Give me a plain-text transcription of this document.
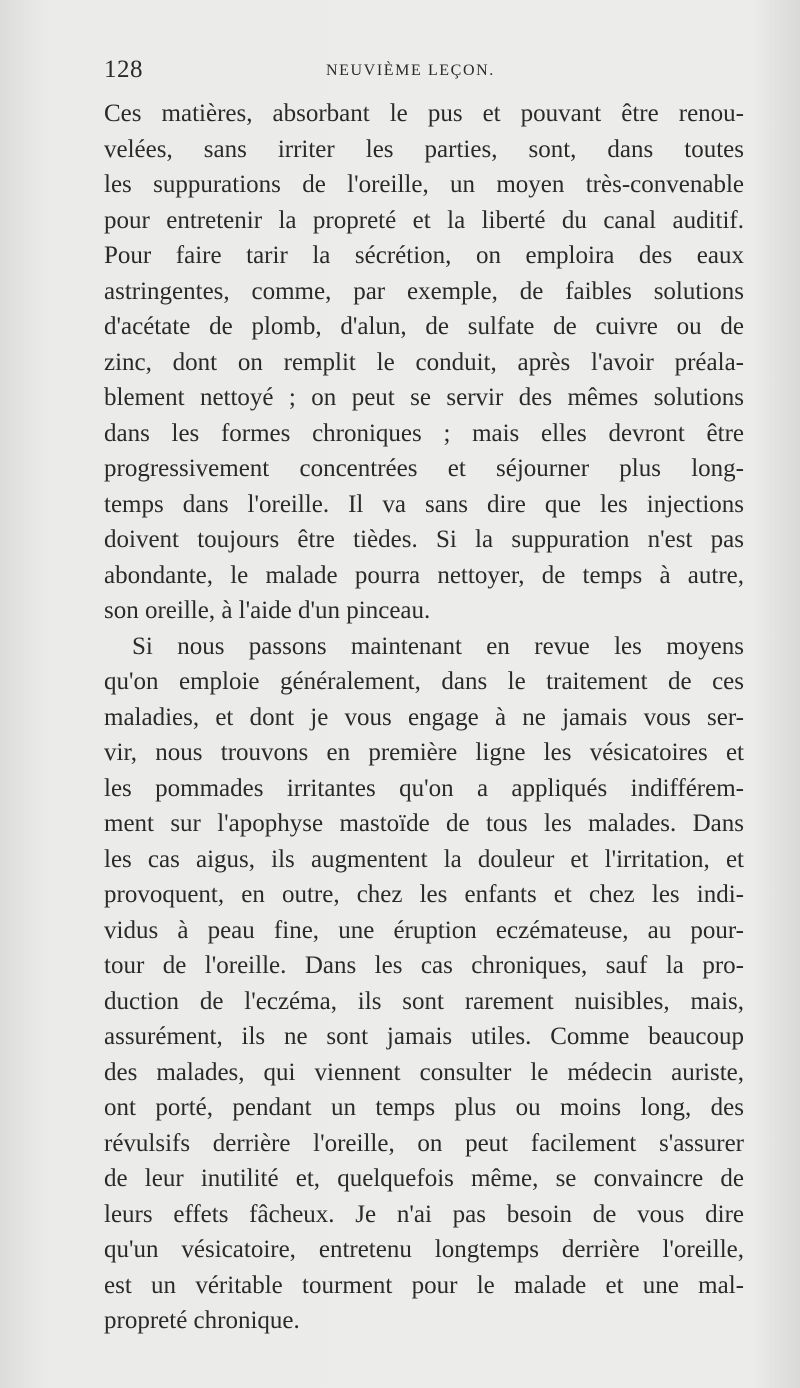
128	NEUVIÈME LEÇON.
Ces matières, absorbant le pus et pouvant être renou-
velées, sans irriter les parties, sont, dans toutes
les suppurations de l'oreille, un moyen très-convenable
pour entretenir la propreté et la liberté du canal auditif.
Pour faire tarir la sécrétion, on emploira des eaux
astringentes, comme, par exemple, de faibles solutions
d'acétate de plomb, d'alun, de sulfate de cuivre ou de
zinc, dont on remplit le conduit, après l'avoir préala-
blement nettoyé ; on peut se servir des mêmes solutions
dans les formes chroniques ; mais elles devront être
progressivement concentrées et séjourner plus long-
temps dans l'oreille. Il va sans dire que les injections
doivent toujours être tièdes. Si la suppuration n'est pas
abondante, le malade pourra nettoyer, de temps à autre,
son oreille, à l'aide d'un pinceau.
Si nous passons maintenant en revue les moyens
qu'on emploie généralement, dans le traitement de ces
maladies, et dont je vous engage à ne jamais vous ser-
vir, nous trouvons en première ligne les vésicatoires et
les pommades irritantes qu'on a appliqués indifférem-
ment sur l'apophyse mastoïde de tous les malades. Dans
les cas aigus, ils augmentent la douleur et l'irritation, et
provoquent, en outre, chez les enfants et chez les indi-
vidus à peau fine, une éruption eczémateuse, au pour-
tour de l'oreille. Dans les cas chroniques, sauf la pro-
duction de l'eczéma, ils sont rarement nuisibles, mais,
assurément, ils ne sont jamais utiles. Comme beaucoup
des malades, qui viennent consulter le médecin auriste,
ont porté, pendant un temps plus ou moins long, des
révulsifs derrière l'oreille, on peut facilement s'assurer
de leur inutilité et, quelquefois même, se convaincre de
leurs effets fâcheux. Je n'ai pas besoin de vous dire
qu'un vésicatoire, entretenu longtemps derrière l'oreille,
est un véritable tourment pour le malade et une mal-
propreté chronique.
